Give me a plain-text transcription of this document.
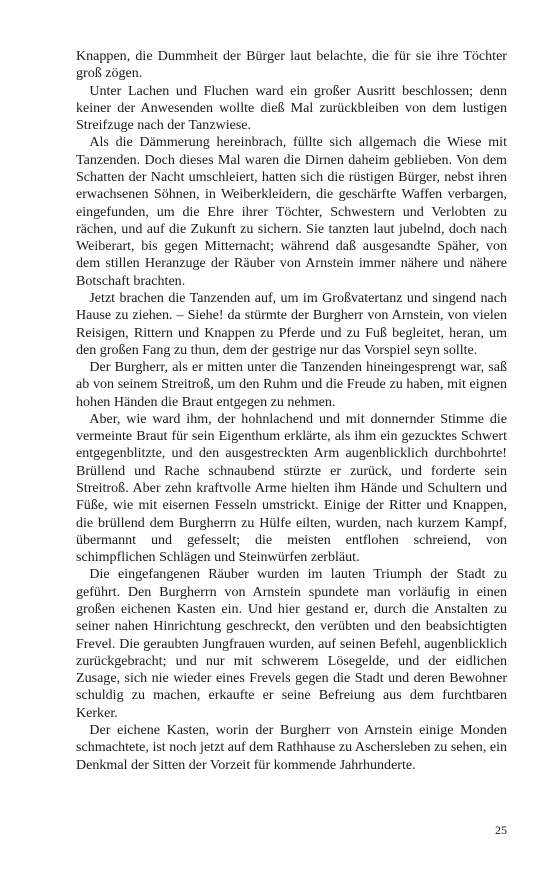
Knappen, die Dummheit der Bürger laut belachte, die für sie ihre Töchter groß zögen.

Unter Lachen und Fluchen ward ein großer Ausritt beschlossen; denn keiner der Anwesenden wollte dieß Mal zurückbleiben von dem lustigen Streifzuge nach der Tanzwiese.

Als die Dämmerung hereinbrach, füllte sich allgemach die Wiese mit Tanzenden. Doch dieses Mal waren die Dirnen daheim geblieben. Von dem Schatten der Nacht umschleiert, hatten sich die rüstigen Bürger, nebst ihren erwachsenen Söhnen, in Weiberkleidern, die geschärfte Waffen verbargen, eingefunden, um die Ehre ihrer Töchter, Schwestern und Verlobten zu rächen, und auf die Zukunft zu sichern. Sie tanzten laut jubelnd, doch nach Weiberart, bis gegen Mitternacht; während daß ausgesandte Späher, von dem stillen Heranzuge der Räuber von Arnstein immer nähere und nähere Botschaft brachten.

Jetzt brachen die Tanzenden auf, um im Großvatertanz und singend nach Hause zu ziehen. – Siehe! da stürmte der Burgherr von Arnstein, von vielen Reisigen, Rittern und Knappen zu Pferde und zu Fuß begleitet, heran, um den großen Fang zu thun, dem der gestrige nur das Vorspiel seyn sollte.

Der Burgherr, als er mitten unter die Tanzenden hineingesprengt war, saß ab von seinem Streitroß, um den Ruhm und die Freude zu haben, mit eignen hohen Händen die Braut entgegen zu nehmen.

Aber, wie ward ihm, der hohnlachend und mit donnernder Stimme die vermeinte Braut für sein Eigenthum erklärte, als ihm ein gezucktes Schwert entgegenblitzte, und den ausgestreckten Arm augenblicklich durchbohrte! Brüllend und Rache schnaubend stürzte er zurück, und forderte sein Streitroß. Aber zehn kraftvolle Arme hielten ihm Hände und Schultern und Füße, wie mit eisernen Fesseln umstrickt. Einige der Ritter und Knappen, die brüllend dem Burgherrn zu Hülfe eilten, wurden, nach kurzem Kampf, übermannt und gefesselt; die meisten entflohen schreiend, von schimpflichen Schlägen und Steinwürfen zerbläut.

Die eingefangenen Räuber wurden im lauten Triumph der Stadt zu geführt. Den Burgherrn von Arnstein spundete man vorläufig in einen großen eichenen Kasten ein. Und hier gestand er, durch die Anstalten zu seiner nahen Hinrichtung geschreckt, den verübten und den beabsichtigten Frevel. Die geraubten Jungfrauen wurden, auf seinen Befehl, augenblicklich zurückgebracht; und nur mit schwerem Lösegelde, und der eidlichen Zusage, sich nie wieder eines Frevels gegen die Stadt und deren Bewohner schuldig zu machen, erkaufte er seine Befreiung aus dem furchtbaren Kerker.

Der eichene Kasten, worin der Burgherr von Arnstein einige Monden schmachtete, ist noch jetzt auf dem Rathhause zu Aschersleben zu sehen, ein Denkmal der Sitten der Vorzeit für kommende Jahrhunderte.

25
